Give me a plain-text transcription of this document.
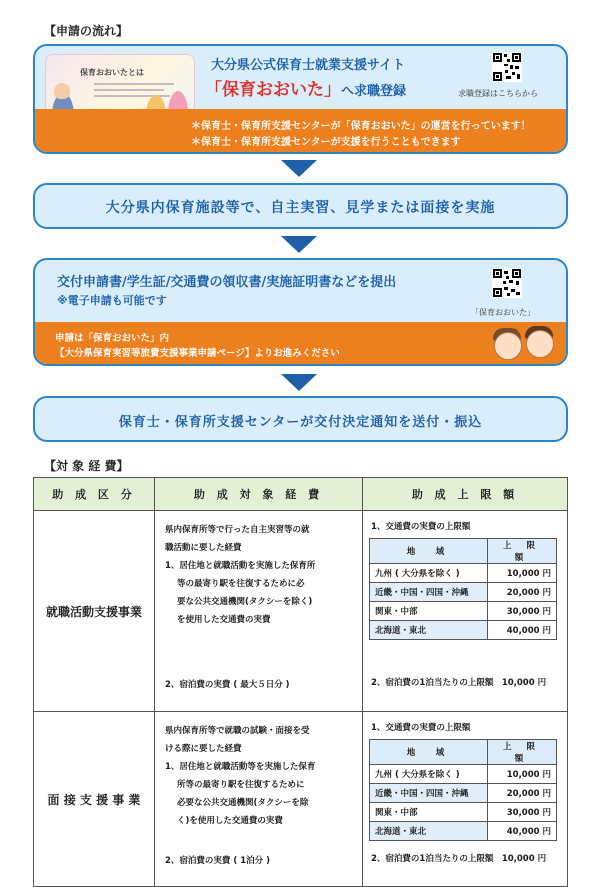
【申請の流れ】
保育おおいたとは	大分県公式保育士就業支援サイト
「保育おおいた」へ求職登録	求職登録はこちらから
＊保育士・保育所支援センターが「保育おおいた」の運営を行っています！
＊保育士・保育所支援センターが支援を行うこともできます
大分県内保育施設等で、自主実習、見学または面接を実施
交付申請書/学生証/交通費の領収書/実施証明書などを提出
※電子申請も可能です
「保育おおいた」
申請は「保育おおいた」内
【大分県保育実習等旅費支援事業申請ページ】よりお進みください
保育士・保育所支援センターが交付決定通知を送付・振込
【対 象 経 費】
助 成 区 分	助 成 対 象 経 費	助 成 上 限 額
就職活動支援事業	
県内保育所等で行った自主実習等の就
職活動に要した経費
1、居住地と就職活動を実施した保育所
等の最寄り駅を往復するために必
要な公共交通機関(タクシーを除く)
を使用した交通費の実費
2、宿泊費の実費 ( 最大５日分 )

1、交通費の実費の上限額
地　域	上 限 額
九州 ( 大分県を除く )	10,000 円
近畿・中国・四国・沖縄	20,000 円
関東・中部	30,000 円
北海道・東北	40,000 円
2、宿泊費の1泊当たりの上限額　10,000 円

面 接 支 援 事 業	
県内保育所等で就職の試験・面接を受
ける際に要した経費
1、居住地と就職活動等を実施した保育
所等の最寄り駅を往復するために
必要な公共交通機関(タクシーを除
く)を使用した交通費の実費
2、宿泊費の実費 ( 1泊分 )

1、交通費の実費の上限額
地　域	上 限 額
九州 ( 大分県を除く )	10,000 円
近畿・中国・四国・沖縄	20,000 円
関東・中部	30,000 円
北海道・東北	40,000 円
2、宿泊費の1泊当たりの上限額　10,000 円
